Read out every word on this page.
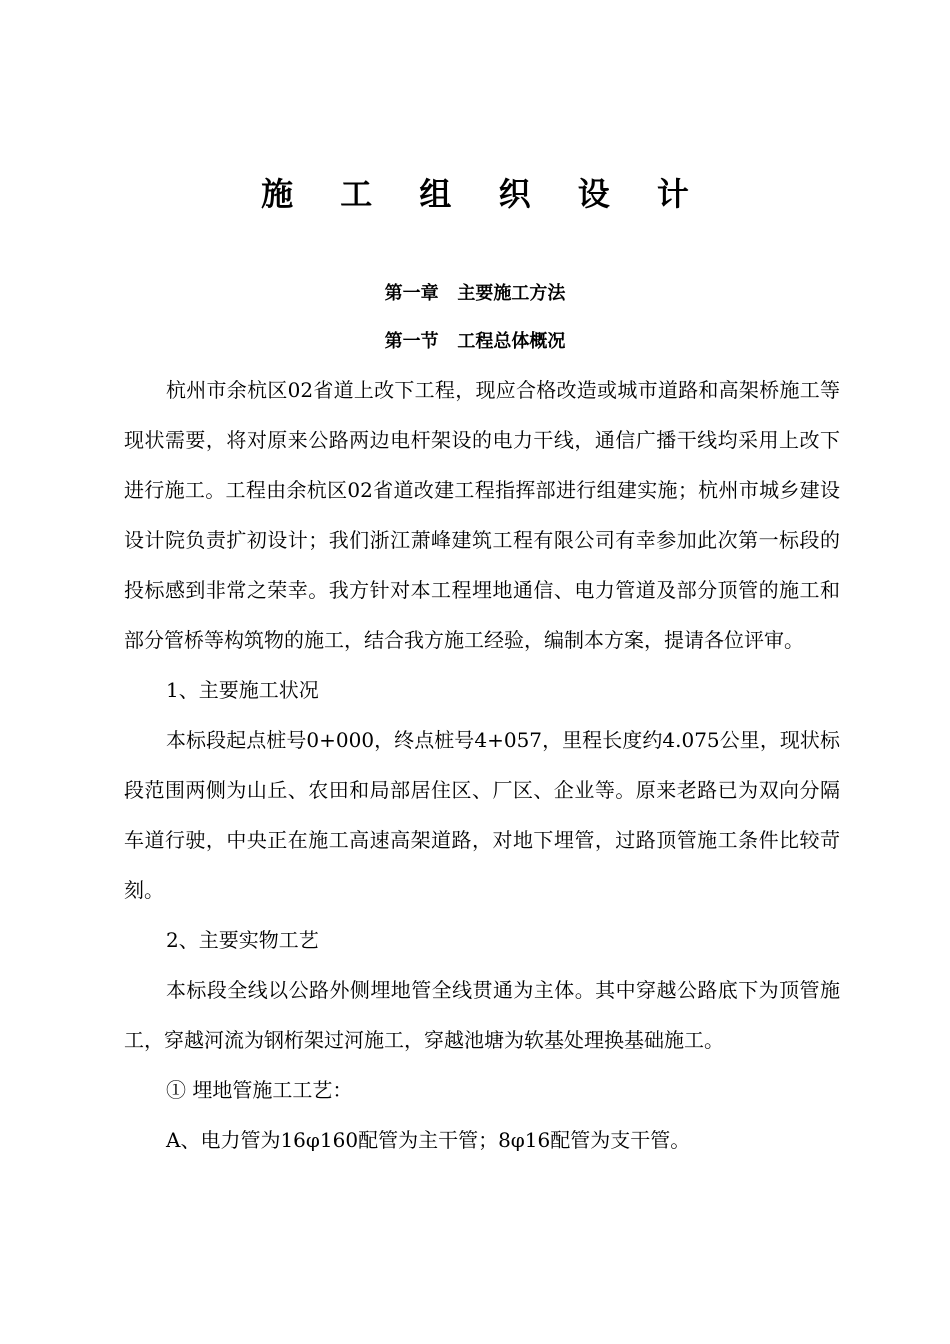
施 工 组 织 设 计
第一章   主要施工方法
第一节   工程总体概况

杭州市余杭区02省道上改下工程，现应合格改造或城市道路和高架桥施工等现状需要，将对原来公路两边电杆架设的电力干线，通信广播干线均采用上改下进行施工。工程由余杭区02省道改建工程指挥部进行组建实施；杭州市城乡建设设计院负责扩初设计；我们浙江萧峰建筑工程有限公司有幸参加此次第一标段的投标感到非常之荣幸。我方针对本工程埋地通信、电力管道及部分顶管的施工和部分管桥等构筑物的施工，结合我方施工经验，编制本方案，提请各位评审。

1、主要施工状况

本标段起点桩号0+000，终点桩号4+057，里程长度约4.075公里，现状标段范围两侧为山丘、农田和局部居住区、厂区、企业等。原来老路已为双向分隔车道行驶，中央正在施工高速高架道路，对地下埋管，过路顶管施工条件比较苛刻。

2、主要实物工艺

本标段全线以公路外侧埋地管全线贯通为主体。其中穿越公路底下为顶管施工，穿越河流为钢桁架过河施工，穿越池塘为软基处理换基础施工。

① 埋地管施工工艺：

A、电力管为16φ160配管为主干管；8φ16配管为支干管。
